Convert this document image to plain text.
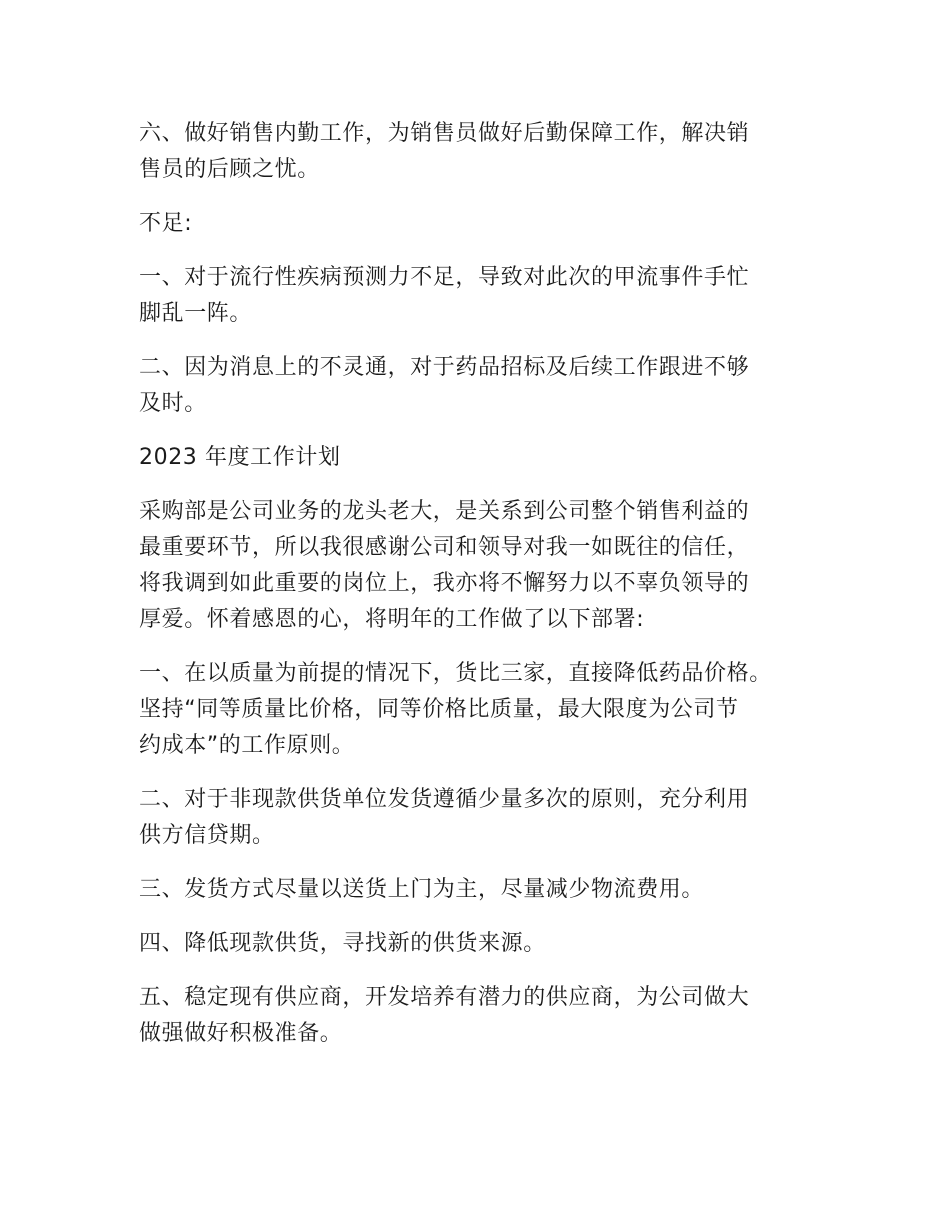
六、做好销售内勤工作，为销售员做好后勤保障工作，解决销
售员的后顾之忧。

不足:

一、对于流行性疾病预测力不足，导致对此次的甲流事件手忙
脚乱一阵。

二、因为消息上的不灵通，对于药品招标及后续工作跟进不够
及时。

2023 年度工作计划

采购部是公司业务的龙头老大，是关系到公司整个销售利益的
最重要环节，所以我很感谢公司和领导对我一如既往的信任，
将我调到如此重要的岗位上，我亦将不懈努力以不辜负领导的
厚爱。怀着感恩的心，将明年的工作做了以下部署:

一、在以质量为前提的情况下，货比三家，直接降低药品价格。
坚持“同等质量比价格，同等价格比质量，最大限度为公司节
约成本”的工作原则。

二、对于非现款供货单位发货遵循少量多次的原则，充分利用
供方信贷期。

三、发货方式尽量以送货上门为主，尽量减少物流费用。

四、降低现款供货，寻找新的供货来源。

五、稳定现有供应商，开发培养有潜力的供应商，为公司做大
做强做好积极准备。
